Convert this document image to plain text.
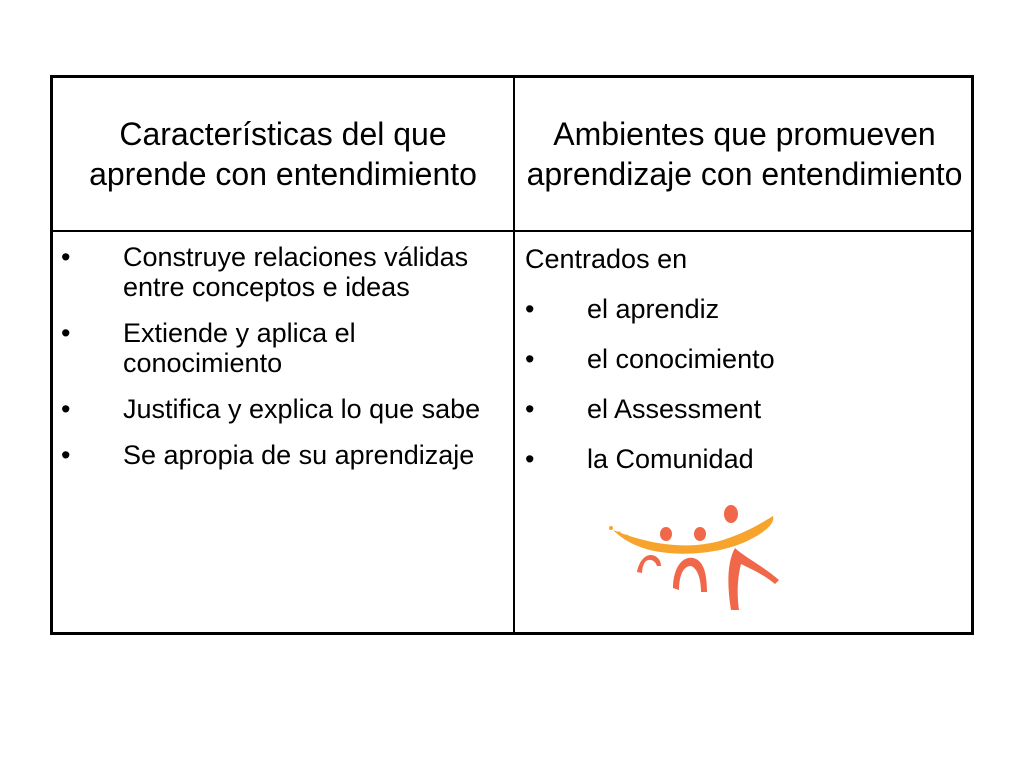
Características del que aprende con entendimiento
Ambientes que promueven aprendizaje con entendimiento
• Construye relaciones válidas entre conceptos e ideas
• Extiende y aplica el conocimiento
• Justifica y explica lo que sabe
• Se apropia de su aprendizaje
Centrados en
• el aprendiz
• el conocimiento
• el Assessment
• la Comunidad
